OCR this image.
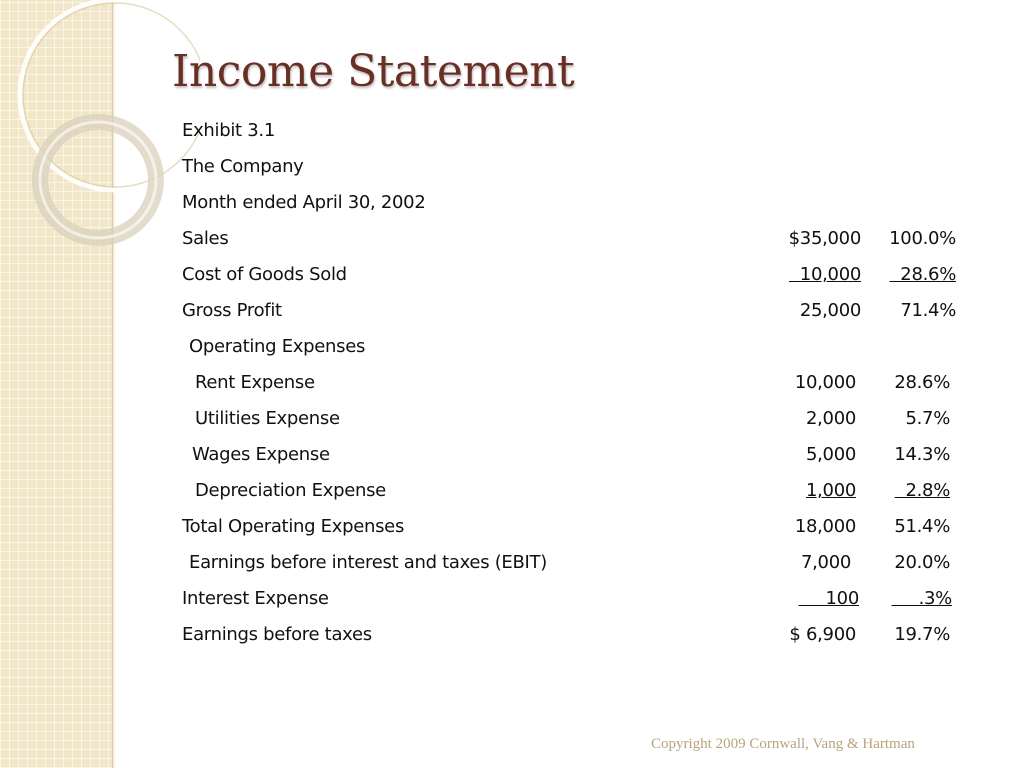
Income Statement
Exhibit 3.1
The Company
Month ended April 30, 2002
Sales	$35,000 100.0%
Cost of Goods Sold	10,000 28.6%
Gross Profit	25,000 71.4%
Operating Expenses
Rent Expense	10,000 28.6%
Utilities Expense	2,000	5.7%
Wages Expense	5,000 14.3%
Depreciation Expense	1,000 2.8%
Total Operating Expenses	18,000 51.4%
Earnings before interest and taxes (EBIT)	7,000 20.0%
Interest Expense	100 .3%
Earnings before taxes	$ 6,900 19.7%
Copyright 2009 Cornwall, Vang & Hartman
